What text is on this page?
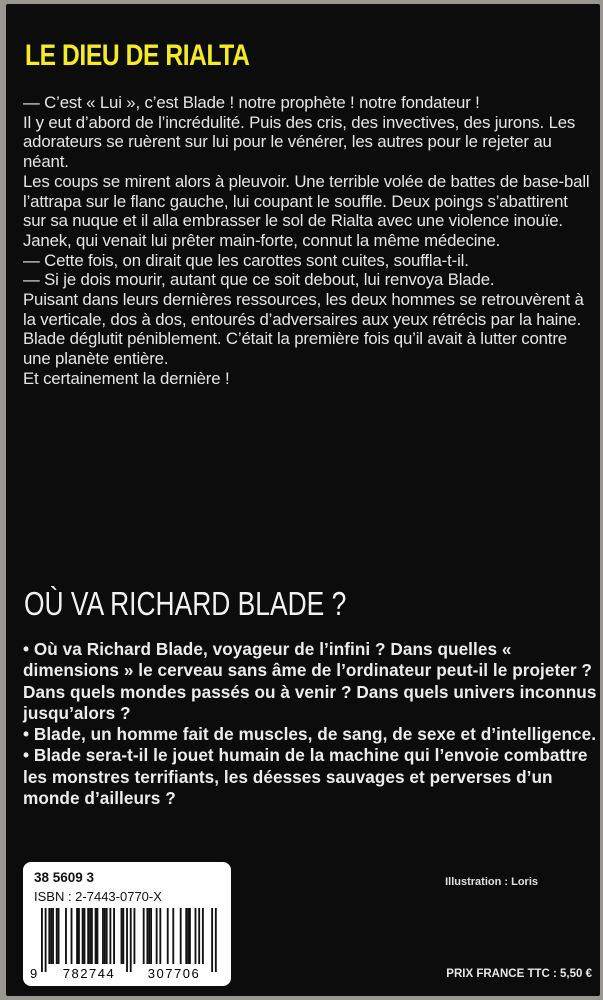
LE DIEU DE RIALTA

— C’est « Lui », c’est Blade ! notre prophète ! notre fondateur !

Il y eut d’abord de l’incrédulité. Puis des cris, des invectives, des jurons. Les adorateurs se ruèrent sur lui pour le vénérer, les autres pour le rejeter au néant.

Les coups se mirent alors à pleuvoir. Une terrible volée de battes de base-ball l’attrapa sur le flanc gauche, lui coupant le souffle. Deux poings s’abattirent sur sa nuque et il alla embrasser le sol de Rialta avec une violence inouïe.

Janek, qui venait lui prêter main-forte, connut la même médecine.

— Cette fois, on dirait que les carottes sont cuites, souffla-t-il.

— Si je dois mourir, autant que ce soit debout, lui renvoya Blade.

Puisant dans leurs dernières ressources, les deux hommes se retrouvèrent à la verticale, dos à dos, entourés d’adversaires aux yeux rétrécis par la haine.

Blade déglutit péniblement. C’était la première fois qu’il avait à lutter contre une planète entière.

Et certainement la dernière !

OÙ VA RICHARD BLADE ?

• Où va Richard Blade, voyageur de l’infini ? Dans quelles « dimensions » le cerveau sans âme de l’ordinateur peut-il le projeter ? Dans quels mondes passés ou à venir ? Dans quels univers inconnus jusqu’alors ?

• Blade, un homme fait de muscles, de sang, de sexe et d’intelligence.

• Blade sera-t-il le jouet humain de la machine qui l’envoie combattre les monstres terrifiants, les déesses sauvages et perverses d’un monde d’ailleurs ?

38 5609 3
ISBN : 2-7443-0770-X
9 782744	307706
Illustration : Loris
PRIX FRANCE TTC : 5,50 €
